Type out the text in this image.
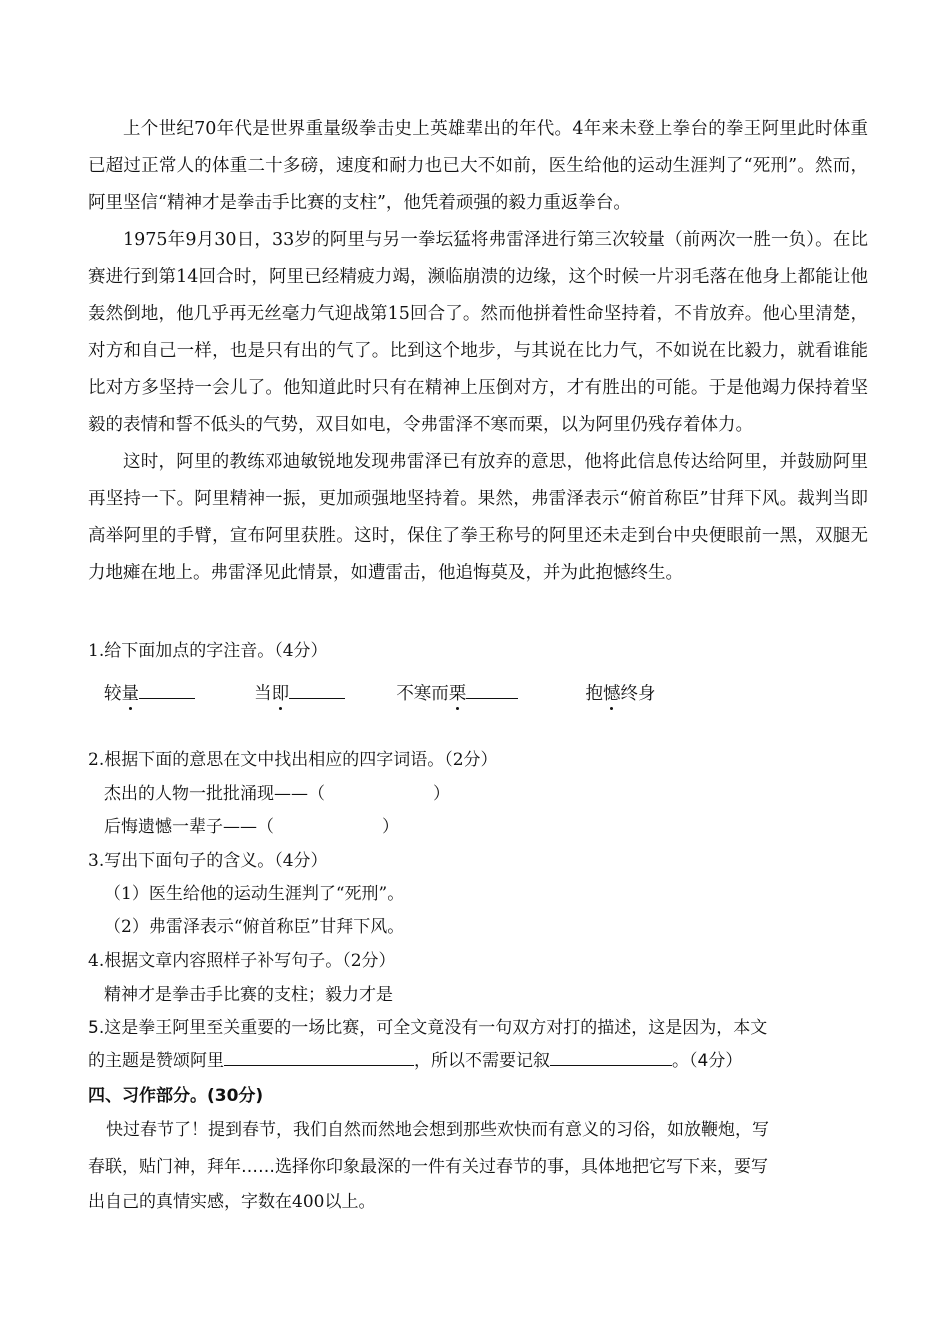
上个世纪70年代是世界重量级拳击史上英雄辈出的年代。4年来未登上拳台的拳王阿里此时体重已超过正常人的体重二十多磅，速度和耐力也已大不如前，医生给他的运动生涯判了“死刑”。然而，阿里坚信“精神才是拳击手比赛的支柱”，他凭着顽强的毅力重返拳台。

1975年9月30日，33岁的阿里与另一拳坛猛将弗雷泽进行第三次较量（前两次一胜一负）。在比赛进行到第14回合时，阿里已经精疲力竭，濒临崩溃的边缘，这个时候一片羽毛落在他身上都能让他轰然倒地，他几乎再无丝毫力气迎战第15回合了。然而他拼着性命坚持着，不肯放弃。他心里清楚，对方和自己一样，也是只有出的气了。比到这个地步，与其说在比力气，不如说在比毅力，就看谁能比对方多坚持一会儿了。他知道此时只有在精神上压倒对方，才有胜出的可能。于是他竭力保持着坚毅的表情和誓不低头的气势，双目如电，令弗雷泽不寒而栗，以为阿里仍残存着体力。

这时，阿里的教练邓迪敏锐地发现弗雷泽已有放弃的意思，他将此信息传达给阿里，并鼓励阿里再坚持一下。阿里精神一振，更加顽强地坚持着。果然，弗雷泽表示“俯首称臣”甘拜下风。裁判当即高举阿里的手臂，宣布阿里获胜。这时，保住了拳王称号的阿里还未走到台中央便眼前一黑，双腿无力地瘫在地上。弗雷泽见此情景，如遭雷击，他追悔莫及，并为此抱憾终生。

1.给下面加点的字注音。（4分）
较量	当即	不寒而栗	抱憾终身
2.根据下面的意思在文中找出相应的四字词语。（2分）
杰出的人物一批批涌现——（	）
后悔遗憾一辈子——（	）
3.写出下面句子的含义。（4分）
（1）医生给他的运动生涯判了“死刑”。
（2）弗雷泽表示“俯首称臣”甘拜下风。
4.根据文章内容照样子补写句子。（2分）
精神才是拳击手比赛的支柱；毅力才是
5.这是拳王阿里至关重要的一场比赛，可全文竟没有一句双方对打的描述，这是因为，本文
的主题是赞颂阿里	，所以不需要记叙	。（4分）
四、习作部分。(30分)
快过春节了！提到春节，我们自然而然地会想到那些欢快而有意义的习俗，如放鞭炮，写
春联，贴门神，拜年……选择你印象最深的一件有关过春节的事，具体地把它写下来，要写
出自己的真情实感，字数在400以上。
